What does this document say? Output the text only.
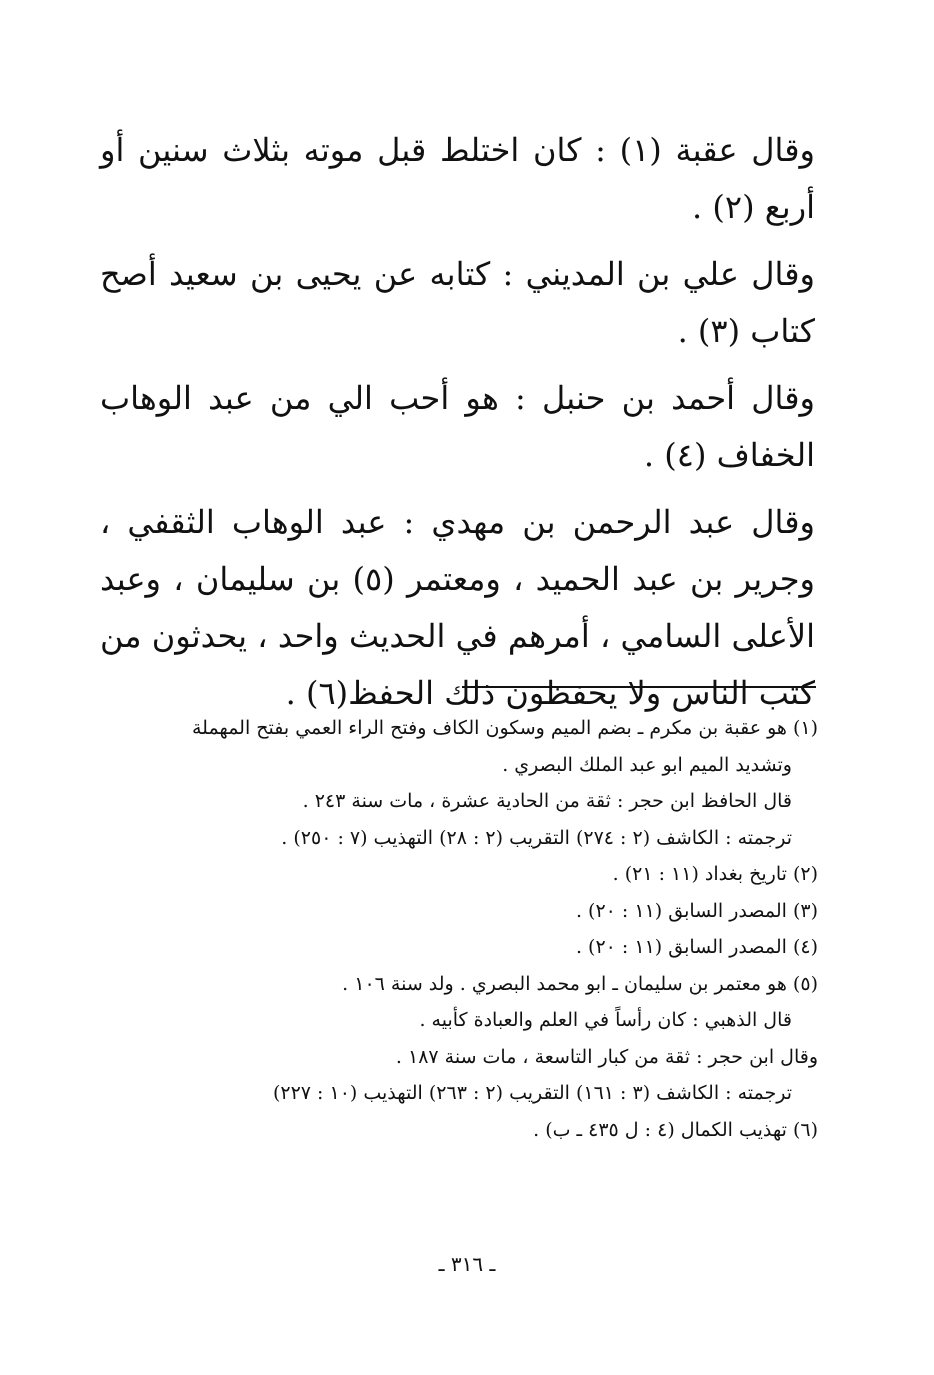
وقال عقبة (١) : كان اختلط قبل موته بثلاث سنين أو أربع (٢) .

وقال علي بن المديني : كتابه عن يحيى بن سعيد أصح كتاب (٣) .

وقال أحمد بن حنبل : هو أحب الي من عبد الوهاب الخفاف (٤) .

وقال عبد الرحمن بن مهدي : عبد الوهاب الثقفي ، وجرير بن عبد الحميد ، ومعتمر (٥) بن سليمان ، وعبد الأعلى السامي ، أمرهم في الحديث واحد ، يحدثون من كتب الناس ولا يحفظون ذلك الحفظ(٦) .

(١) هو عقبة بن مكرم ـ بضم الميم وسكون الكاف وفتح الراء العمي بفتح المهملة

وتشديد الميم ابو عبد الملك البصري .

قال الحافظ ابن حجر : ثقة من الحادية عشرة ، مات سنة ٢٤٣ .

ترجمته : الكاشف (٢ : ٢٧٤) التقريب (٢ : ٢٨) التهذيب (٧ : ٢٥٠) .

(٢) تاريخ بغداد (١١ : ٢١) .

(٣) المصدر السابق (١١ : ٢٠) .

(٤) المصدر السابق (١١ : ٢٠) .

(٥) هو معتمر بن سليمان ـ ابو محمد البصري . ولد سنة ١٠٦ .

قال الذهبي : كان رأساً في العلم والعبادة كأبيه .

وقال ابن حجر : ثقة من كبار التاسعة ، مات سنة ١٨٧ .

ترجمته : الكاشف (٣ : ١٦١) التقريب (٢ : ٢٦٣) التهذيب (١٠ : ٢٢٧)

(٦) تهذيب الكمال (٤ : ل ٤٣٥ ـ ب) .

ـ ٣١٦ ـ
